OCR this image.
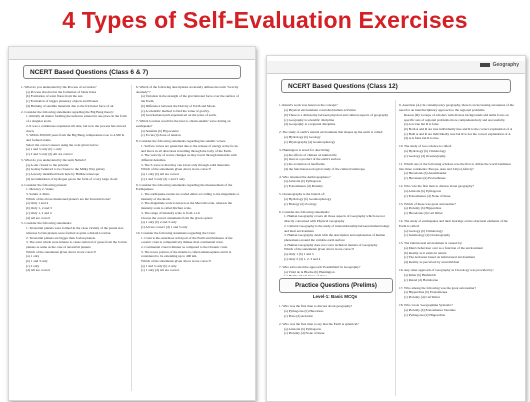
4 Types of Self-Evaluation Exercises
NCERT Based Questions (Class 6 & 7)

1. What do you understand by the Process of accretion?
(a) Process involved in the formation of black holes
(b) Formation of solar flares from the sun
(c) Formation of bigger planetary objects and Planets
(d) Burning of satellite materials due to the frictional force of air

2. Consider the following statements regarding the Big Bang theory:
1. Initially all matter forming the universe existed in one place in the form of a singular atom.
2. It was a continuous expansion till date, but now the process has slowed down.
3. Within 300,000 years from the Big Bang, temperature rose to 4,500 K and formed atoms.
Select the correct answer using the code given below:
(a) 1 and 3 only (b) 1 only
(c) 2 and 3 only (d) All are correct

3. What do you understand by the term Nebula?
(a) A star closest to the polestar
(b) Galaxy believed to be closest to the Milky Way galaxy
(c) A newly identified black hole by Hubble telescope
(d) Accumulation of hydrogen gas in the form of a very large cloud

4. Consider the following planets:
1. Mercury 2. Venus
3. Saturn 4. Mars
Which of the above mentioned planet's are the Terrestrial one?
(a) Only 1 and 4
(b) Only 1, 2 and 3
(c) Only 1, 2 and 4
(d) All are correct

5. Consider the following statements:
1. Terrestrial planets were formed in the close vicinity of the parent star, whereas Jovian planets were formed at quite a distant location.
2. Terrestrial planets are bigger than Jovian planets.
3. The solar winds were intense to cause removal of gases from the Jovian planets as same as the case of terrestrial planets.
Which of the statements given above is/are correct?
(a) 1 only
(b) 1 and 3 only
(c) 2 only
(d) All are correct

6. Which of the following descriptions accurately defines the term "Gravity anomaly"?
(a) Variation in the strength of the gravitational force over the surface of the Earth.
(b) Difference between the Dravity of Earth and Moon.
(c) A scientific method to find the value of gravity.
(d) Gravitational pull experienced on the poles of earth.

7. Which location would be the best to obtain seismic wave during an earthquake?
(a) Seismite (b) Hypocentre
(c) Focus (d) Zone of tension

8. Consider the following statements regarding the seismic waves:
1. Surface waves are generated due to the release of energy at the focus and move in all directions travelling through the body of the Earth.
2. The velocity of waves changes as they travel through materials with different densities.
3. The S-wave is that they can travel only through solid materials.
Which of the statements given above is/are correct?
(a) 1 only (b) All are correct
(c) 2 and 3 only (d) 1 and 3 only

9. Consider the following statements regarding the measurement of the Earthquakes:
1. The earthquake events are scaled either according to the magnitude or intensity of the shock.
2. The magnitude scale is known as the Mercalli scale, whereas the intensity scale is called Richter scale.
3. The range of intensity scale is from 1-10.
Choose the correct statements from the given option:
(a) 1 only (b) 2 and 3 only
(c) All are correct (d) 1 and 3 only

10. Consider the following statements regarding the Crust:
1. Crust is the outermost solid part of the Earth and thickness of the oceanic crust is comparatively thinner than continental crust.
2. Continental crust is thinner as compared to the Oceanic crust.
3. The lower portion of the mantle is called asthenosphere and it is considered to be extending up to 400 km.
Which of the statements given above is/are correct?
(a) 1 and 3 only (b) 2 only
(c) 1 only (d) All are correct

Geography
NCERT Based Questions (Class 12)

1. Ratzel's work was based on the concept?
(a) Physical environment controlled human activities
(b) There is a dichotomy between physical and cultural aspects of geography
(c) Geography is scientific discipline
(d) Geography is a regional discipline

2. The study of earth's natural environment that shapes up the earth is called:
(a) Hydrology (b) Geology
(c) Physiography (d) Geomorphology

3. Huntington is noted for describing:
(a) the effects of climate on human life
(b) man as a product of the earth's surface
(c) the evolution of landforms
(d) the functional-ecological study of the cultural landscape

4. Who invented the Anthroposphere?
(a) Aristotle (b) Pythagoras
(c) Eratosthenes (d) Ptolemy

5. Oceanography is the branch of:
(a) Hydrology (b) Geomorphology
(c) Biology (d) Zoology

6. Consider the following statements:
1. Human Geography covers all those aspects of Geography which are not directly concerned with Physical Geography
2. Cultural Geography is the study of interrelationship between human beings and their environment
3. Human Geography deals with the description and explanation of human phenomena around the variable earth surface
4. Human Geography does not cover technical matters of Geography
Which of the statements given above is/are correct?
(a) Only 1 (b) 1 and 3
(c) Only 2 (d) 1, 2, 3 and 4

7. Who advocated the approach 'Possibilism' in Geography?
(a) Vidal de la Blache (b) Huntington

Practice Questions (Prelims)
Level-1: Basic MCQs

1. Who was the first man to discuss about geography?
(a) Pythagoras (b) Herodotus
(c) Plato (d) Aristotle

2. Who was the first man to say that the Earth is spherical?
(a) Aristotle (b) Pythagoras
(c) Ptolemy (d) None of these

9. Assertion (A): In contemporary geography, there is an increasing awareness of the need for an interdisciplinary approach to the regional problems.
Reason (R): Groups of scholars with diverse backgrounds and skills focus on specific sets of regional problems more comprehensively and successfully.
(a) A is true but R is false
(b) Both A and R are true individually true and R is the correct explanation of A
(c) Both A and R are individually true but R is not the correct explanation of A
(d) A is false but R is true

10. The study of Geo science is called:
(a) Hydrology (b) Climatology
(c) Geology (d) Oceanography

11. Which one of the following scholars was the first to divide the world landmass into three continents: Europe, Asia and Libya (Africa)?
(a) Herodotus (b) Anaximander
(c) Hecataeus (d) Eratosthenes

12. Who was the first man to discuss about geography?
(a) Aristotle (b) Pythagoras
(c) Eratosthenes (d) None of these

13. Which of these was great astronomer?
(a) Ptolemy (b) Hipparchus
(c) Herodotus (d) Carl Ritter

14. The study of earthquakes and their bearings on the structural elements of the Earth is called:
(a) Geology (b) Climatology
(c) Seismology (d) Oceanography

15. The behavioural environment is caused by:
(a) Man's behaviour over as a function of the environment
(b) Reality as it exists in nature
(c) The decisions based on behavioural environment
(d) Reality as perceived by an individual

16. Any other approach of Geography as Chorology was provided by:
(a) Ritter (b) Humboldt
(c) Ratzel (d) Hartshorne

17. Who among the following was the great astronomer?
(a) Hipparchus (b) Eratosthenes
(c) Ptolemy (d) Carl Ritter

18. Who wrote 'Geographike Syntaxis'?
(a) Ptolemy (b) Eratosthenes Varenius
(c) Pythagoras (d) Hipparchus
